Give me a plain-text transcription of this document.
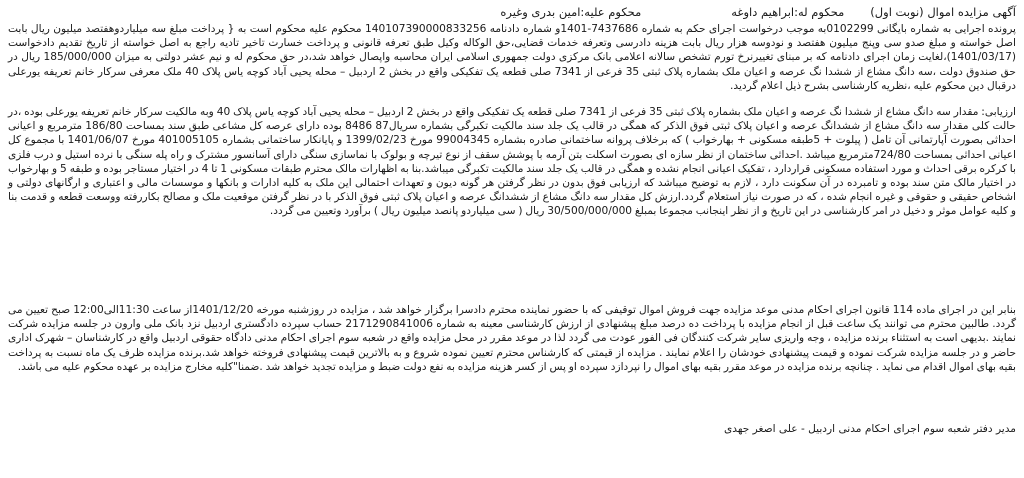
آگهی مزایده اموال (نوبت اول)
محکوم له:ابراهیم داوغه
محکوم علیه:امین بدری وغیره

پرونده اجرایی به شماره بایگانی 0102299به موجب درخواست اجرای حکم به شماره 7437686-1401و شماره دادنامه 140107390000833256 محکوم علیه محکوم است به { پرداخت مبلغ سه میلیاردوهفتصد میلیون ریال بابت اصل خواسته و مبلغ صدو سی وپنج میلیون هفتصد و نودوسه هزار ریال بابت هزینه دادرسی وتعرفه خدمات قضایی،حق الوکاله وکیل طبق تعرفه قانونی و پرداخت خسارت تاخیر تادیه راجع به اصل خواسته از تاریخ تقدیم دادخواست (1401/03/17)،لغایت زمان اجرای دادنامه که بر مبنای تغییرنرخ تورم تشخص سالانه اعلامی بانک مرکزی دولت جمهوری اسلامی ایران محاسبه واپصال خواهد شد،در حق محکوم له و نیم عشر دولتی به میزان 185/000/000 ریال در حق صندوق دولت ،سه دانگ مشاع از ششدا نگ عرصه و اعیان ملک بشماره پلاک ثبتی 35 فرعی از 7341 صلی قطعه یک تفکیکی واقع در بخش 2 اردبیل – محله یحیی آباد کوچه یاس پلاک 40 ملک معرفی سرکار خانم تعریفه یورعلی درقبال دین محکوم علیه ،نظریه کارشناسی بشرح ذیل اعلام گردید.

ارزیابی: مقدار سه دانگ مشاع از ششدا نگ عرصه و اعیان ملک بشماره پلاک ثبتی 35 فرعی از 7341 صلی قطعه یک تفکیکی واقع در بخش 2 اردبیل – محله یحیی آباد کوچه یاس پلاک 40 وبه مالکیت سرکار خانم تعریفه یورعلی بوده ،در حالت کلی مقدار سه دانگ مشاع از ششدانگ عرصه و اعیان پلاک ثبتی فوق الذکر که همگی در قالب یک جلد سند مالکیت تکبرگی بشماره سریال87 8486 بوده دارای عرصه کل مشاعی طبق سند بمساحت 186/80 مترمربع و اعیانی احداثی بصورت آپارتمانی آن تامل ( پیلوت + 5طبقه مسکونی + بهارخواب ) که برخلاف پروانه ساختمانی صادره بشماره 99004345 مورخ 1399/02/23 و پایانکار ساختمانی بشماره 401005105 مورخ 1401/06/07 با مجموع کل اعیانی احداثی بمساحت 724/80مترمربع میباشد .احداثی ساختمان از نظر سازه ای بصورت اسکلت بتن آرمه با پوشش سقف از نوع تیرچه و بولوک با نماسازی سنگی دارای آسانسور مشترک و راه پله سنگی با نرده استیل و درب فلزی با کرکره برقی احداث و مورد استفاده مسکونی قراردارد ، تفکیک اعیانی انجام نشده و همگی در قالب یک جلد سند مالکیت تکبرگی میباشد.بنا به اظهارات مالک محترم طبقات مسکونی 1 تا 4 در اختیار مستاجر بوده و طبقه 5 و بهارخواب در اختیار مالک متن سند بوده و تامبرده در آن سکونت دارد ، لازم به توضیح میباشد که ارزیابی فوق بدون در نظر گرفتن هر گونه دیون و تعهدات احتمالی این ملک به کلیه ادارات و بانکها و موسسات مالی و اعتباری و ارگانهای دولتی و اشخاص حقیقی و حقوقی و غیره انجام شده ، که در صورت نیاز استعلام گردد.ارزش کل مقدار سه دانگ مشاع از ششدانگ عرصه و اعیان پلاک ثبتی فوق الذکر با در نظر گرفتن موقعیت ملک و مصالح بکاررفته ووسعت قطعه و قدمت بنا و کلیه عوامل موثر و دخیل در امر کارشناسی در این تاریخ و از نظر اینجانب مجموعا بمبلغ 30/500/000/000 ریال ( سی میلیاردو پانصد میلیون ریال ) برآورد وتعیین می گردد.

بنابر این در اجرای ماده 114 قانون اجرای احکام مدنی موعد مزایده جهت فروش اموال توقیفی که با حضور نماینده محترم دادسرا برگزار خواهد شد ، مزایده در روزشنبه مورخه 1401/12/20از ساعت 11:30الی12:00 صبح تعیین می گردد. طالبین محترم می توانند یک ساعت قبل از انجام مزایده با پرداخت ده درصد مبلغ پیشنهادی از ارزش کارشناسی معینه به شماره 2171290841006 حساب سپرده دادگستری اردبیل نزد بانک ملی وارون در جلسه مزایده شرکت نمایند .بدیهی است به استثناء برنده مزایده ، وجه واریزی سایر شرکت کنندگان فی الفور عودت می گردد لذا در موعد مقرر در محل مزایده واقع در شعبه سوم اجرای احکام مدنی دادگاه حقوقی اردبیل واقع در کارشناسان – شهرک اداری حاضر و در جلسه مزایده شرکت نموده و قیمت پیشنهادی خودشان را اعلام نمایند . مزایده از قیمتی که کارشناس محترم تعیین نموده شروع و به بالاترین قیمت پیشنهادی فروخته خواهد شد.برنده مزایده ظرف یک ماه نسبت به پرداخت بقیه بهای اموال اقدام می نماید . چنانچه برنده مزایده در موعد مقرر بقیه بهای اموال را نپردازد سپرده او پس از کسر هزینه مزایده به نفع دولت ضبط و مزایده تجدید خواهد شد .ضمنا"کلیه مخارج مزایده بر عهده محکوم علیه می باشد.

مدیر دفتر شعبه سوم اجرای احکام مدنی اردبیل - علی اصغر جهدی
